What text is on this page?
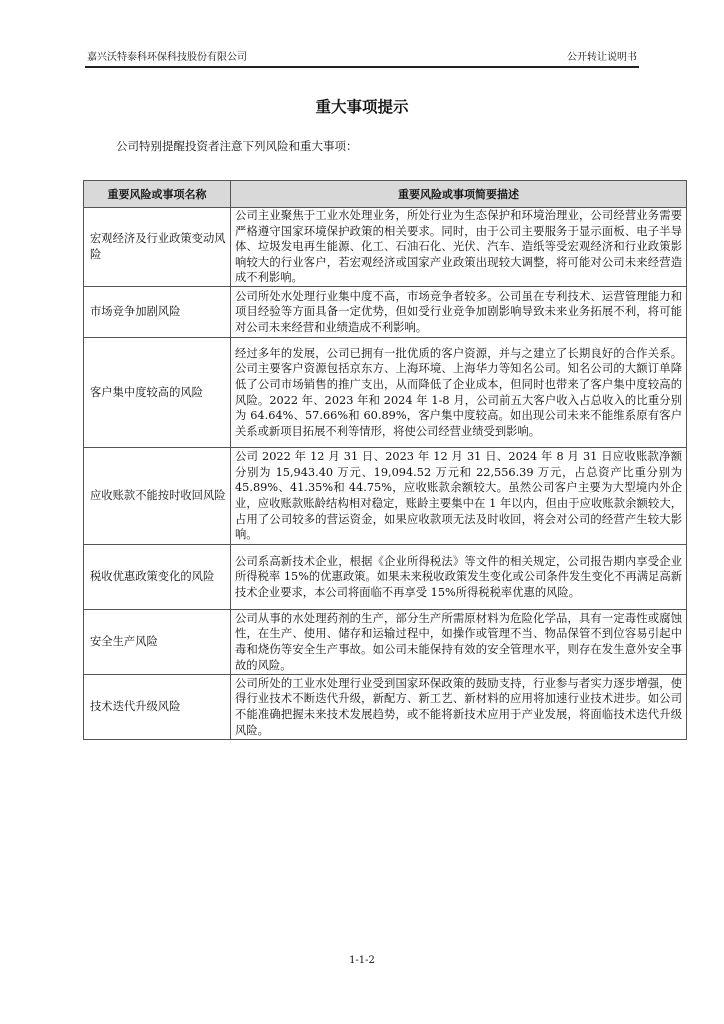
嘉兴沃特泰科环保科技股份有限公司	公开转让说明书
重大事项提示
公司特别提醒投资者注意下列风险和重大事项：
重要风险或事项名称	重要风险或事项简要描述
宏观经济及行业政策变动风险	公司主业聚焦于工业水处理业务，所处行业为生态保护和环境治理业，公司经营业务需要严格遵守国家环境保护政策的相关要求。同时，由于公司主要服务于显示面板、电子半导体、垃圾发电再生能源、化工、石油石化、光伏、汽车、造纸等受宏观经济和行业政策影响较大的行业客户，若宏观经济或国家产业政策出现较大调整，将可能对公司未来经营造成不利影响。
市场竞争加剧风险	公司所处水处理行业集中度不高，市场竞争者较多。公司虽在专利技术、运营管理能力和项目经验等方面具备一定优势，但如受行业竞争加剧影响导致未来业务拓展不利，将可能对公司未来经营和业绩造成不利影响。
客户集中度较高的风险	经过多年的发展，公司已拥有一批优质的客户资源，并与之建立了长期良好的合作关系。公司主要客户资源包括京东方、上海环境、上海华力等知名公司。知名公司的大额订单降低了公司市场销售的推广支出，从而降低了企业成本，但同时也带来了客户集中度较高的风险。2022 年、2023 年和 2024 年 1-8 月，公司前五大客户收入占总收入的比重分别为 64.64%、57.66%和 60.89%，客户集中度较高。如出现公司未来不能维系原有客户关系或新项目拓展不利等情形，将使公司经营业绩受到影响。
应收账款不能按时收回风险	公司 2022 年 12 月 31 日、2023 年 12 月 31 日、2024 年 8 月 31 日应收账款净额分别为 15,943.40 万元、19,094.52 万元和 22,556.39 万元，占总资产比重分别为 45.89%、41.35%和 44.75%，应收账款余额较大。虽然公司客户主要为大型境内外企业，应收账款账龄结构相对稳定，账龄主要集中在 1 年以内，但由于应收账款余额较大，占用了公司较多的营运资金，如果应收款项无法及时收回，将会对公司的经营产生较大影响。
税收优惠政策变化的风险	公司系高新技术企业，根据《企业所得税法》等文件的相关规定，公司报告期内享受企业所得税率 15%的优惠政策。如果未来税收政策发生变化或公司条件发生变化不再满足高新技术企业要求，本公司将面临不再享受 15%所得税税率优惠的风险。
安全生产风险	公司从事的水处理药剂的生产，部分生产所需原材料为危险化学品，具有一定毒性或腐蚀性，在生产、使用、储存和运输过程中，如操作或管理不当、物品保管不到位容易引起中毒和烧伤等安全生产事故。如公司未能保持有效的安全管理水平，则存在发生意外安全事故的风险。
技术迭代升级风险	公司所处的工业水处理行业受到国家环保政策的鼓励支持，行业参与者实力逐步增强，使得行业技术不断迭代升级，新配方、新工艺、新材料的应用将加速行业技术进步。如公司不能准确把握未来技术发展趋势，或不能将新技术应用于产业发展，将面临技术迭代升级风险。
1-1-2
